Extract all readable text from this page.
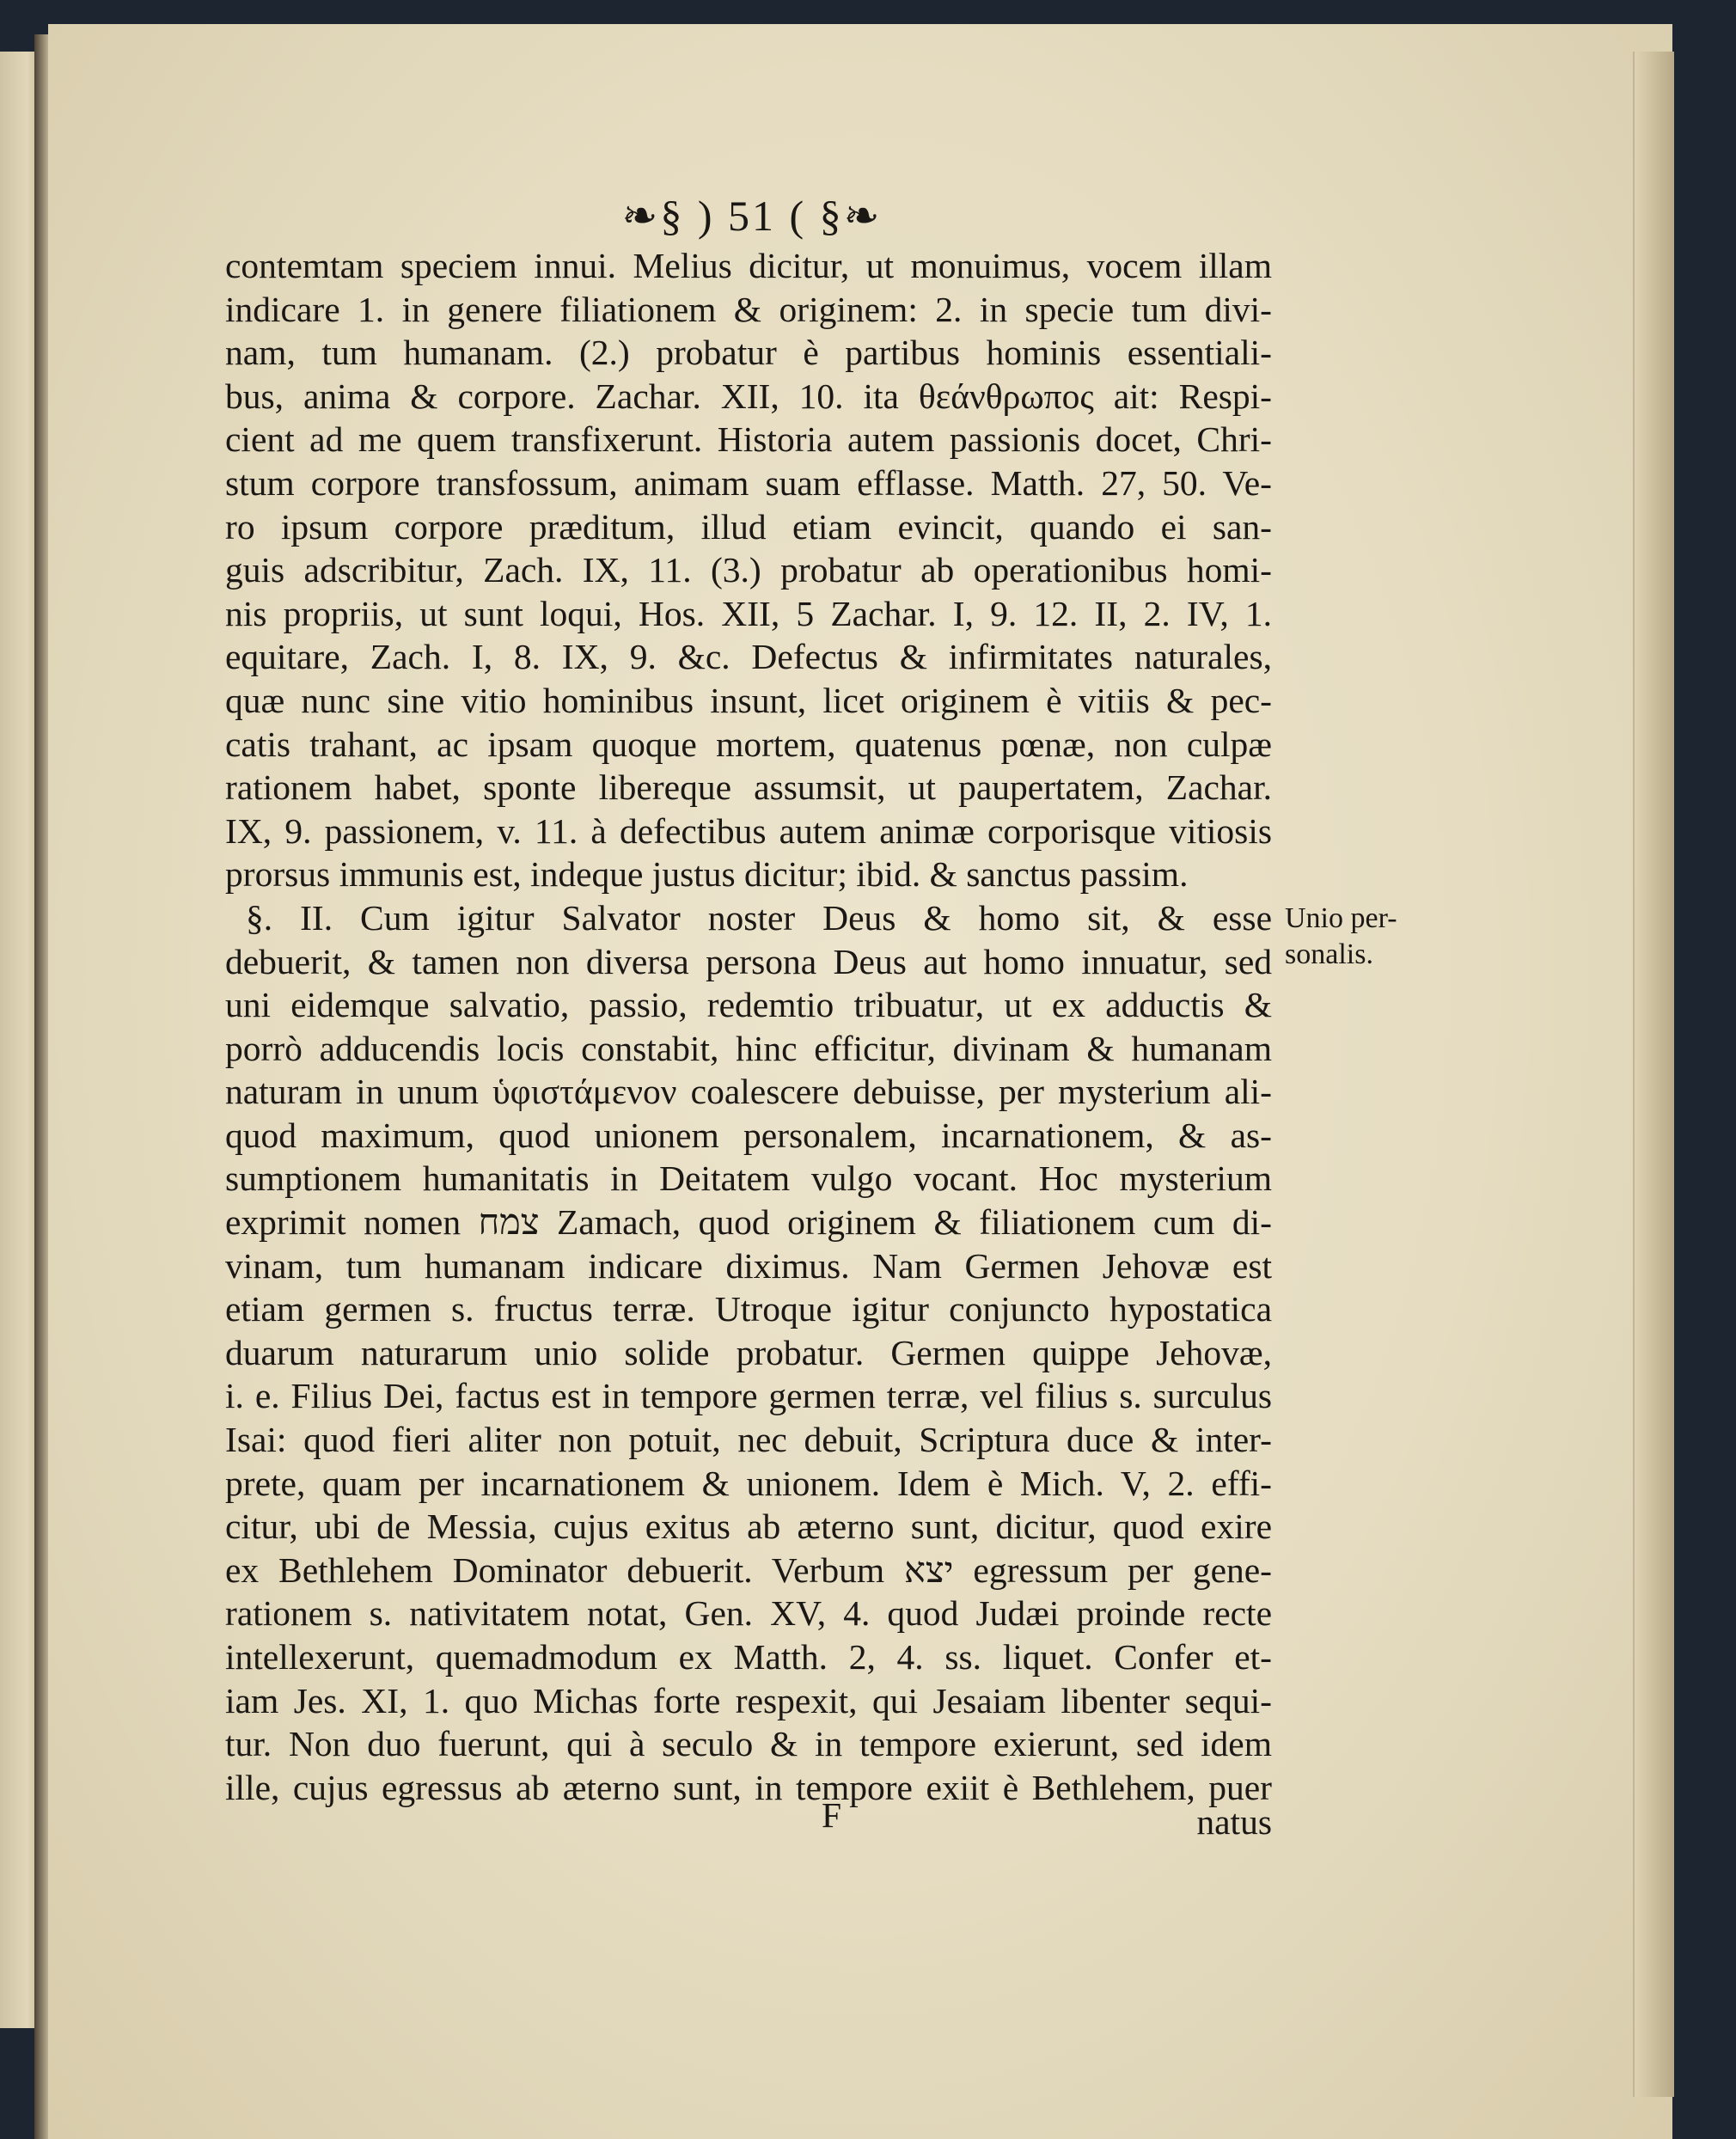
❧§ ) 51 ( §❧
contemtam speciem innui. Melius dicitur, ut monuimus, vocem illam
indicare 1. in genere filiationem & originem: 2. in specie tum divi-
nam, tum humanam. (2.) probatur è partibus hominis essentiali-
bus, anima & corpore. Zachar. XII, 10. ita θεάνθρωπος ait: Respi-
cient ad me quem transfixerunt. Historia autem passionis docet, Chri-
stum corpore transfossum, animam suam efflasse. Matth. 27, 50. Ve-
ro ipsum corpore præditum, illud etiam evincit, quando ei san-
guis adscribitur, Zach. IX, 11. (3.) probatur ab operationibus homi-
nis propriis, ut sunt loqui, Hos. XII, 5 Zachar. I, 9. 12. II, 2. IV, 1.
equitare, Zach. I, 8. IX, 9. &c. Defectus & infirmitates naturales,
quæ nunc sine vitio hominibus insunt, licet originem è vitiis & pec-
catis trahant, ac ipsam quoque mortem, quatenus pœnæ, non culpæ
rationem habet, sponte libereque assumsit, ut paupertatem, Zachar.
IX, 9. passionem, v. 11. à defectibus autem animæ corporisque vitiosis
prorsus immunis est, indeque justus dicitur; ibid. & sanctus passim.
§. II. Cum igitur Salvator noster Deus & homo sit, & esse
debuerit, & tamen non diversa persona Deus aut homo innuatur, sed
uni eidemque salvatio, passio, redemtio tribuatur, ut ex adductis &
porrò adducendis locis constabit, hinc efficitur, divinam & humanam
naturam in unum ὑφιστάμενον coalescere debuisse, per mysterium ali-
quod maximum, quod unionem personalem, incarnationem, & as-
sumptionem humanitatis in Deitatem vulgo vocant. Hoc mysterium
exprimit nomen צמח Zamach, quod originem & filiationem cum di-
vinam, tum humanam indicare diximus. Nam Germen Jehovæ est
etiam germen s. fructus terræ. Utroque igitur conjuncto hypostatica
duarum naturarum unio solide probatur. Germen quippe Jehovæ,
i. e. Filius Dei, factus est in tempore germen terræ, vel filius s. surculus
Isai: quod fieri aliter non potuit, nec debuit, Scriptura duce & inter-
prete, quam per incarnationem & unionem. Idem è Mich. V, 2. effi-
citur, ubi de Messia, cujus exitus ab æterno sunt, dicitur, quod exire
ex Bethlehem Dominator debuerit. Verbum יצא egressum per gene-
rationem s. nativitatem notat, Gen. XV, 4. quod Judæi proinde recte
intellexerunt, quemadmodum ex Matth. 2, 4. ss. liquet. Confer et-
iam Jes. XI, 1. quo Michas forte respexit, qui Jesaiam libenter sequi-
tur. Non duo fuerunt, qui à seculo & in tempore exierunt, sed idem
ille, cujus egressus ab æterno sunt, in tempore exiit è Bethlehem, puer
Unio per-
sonalis.
F	natus
